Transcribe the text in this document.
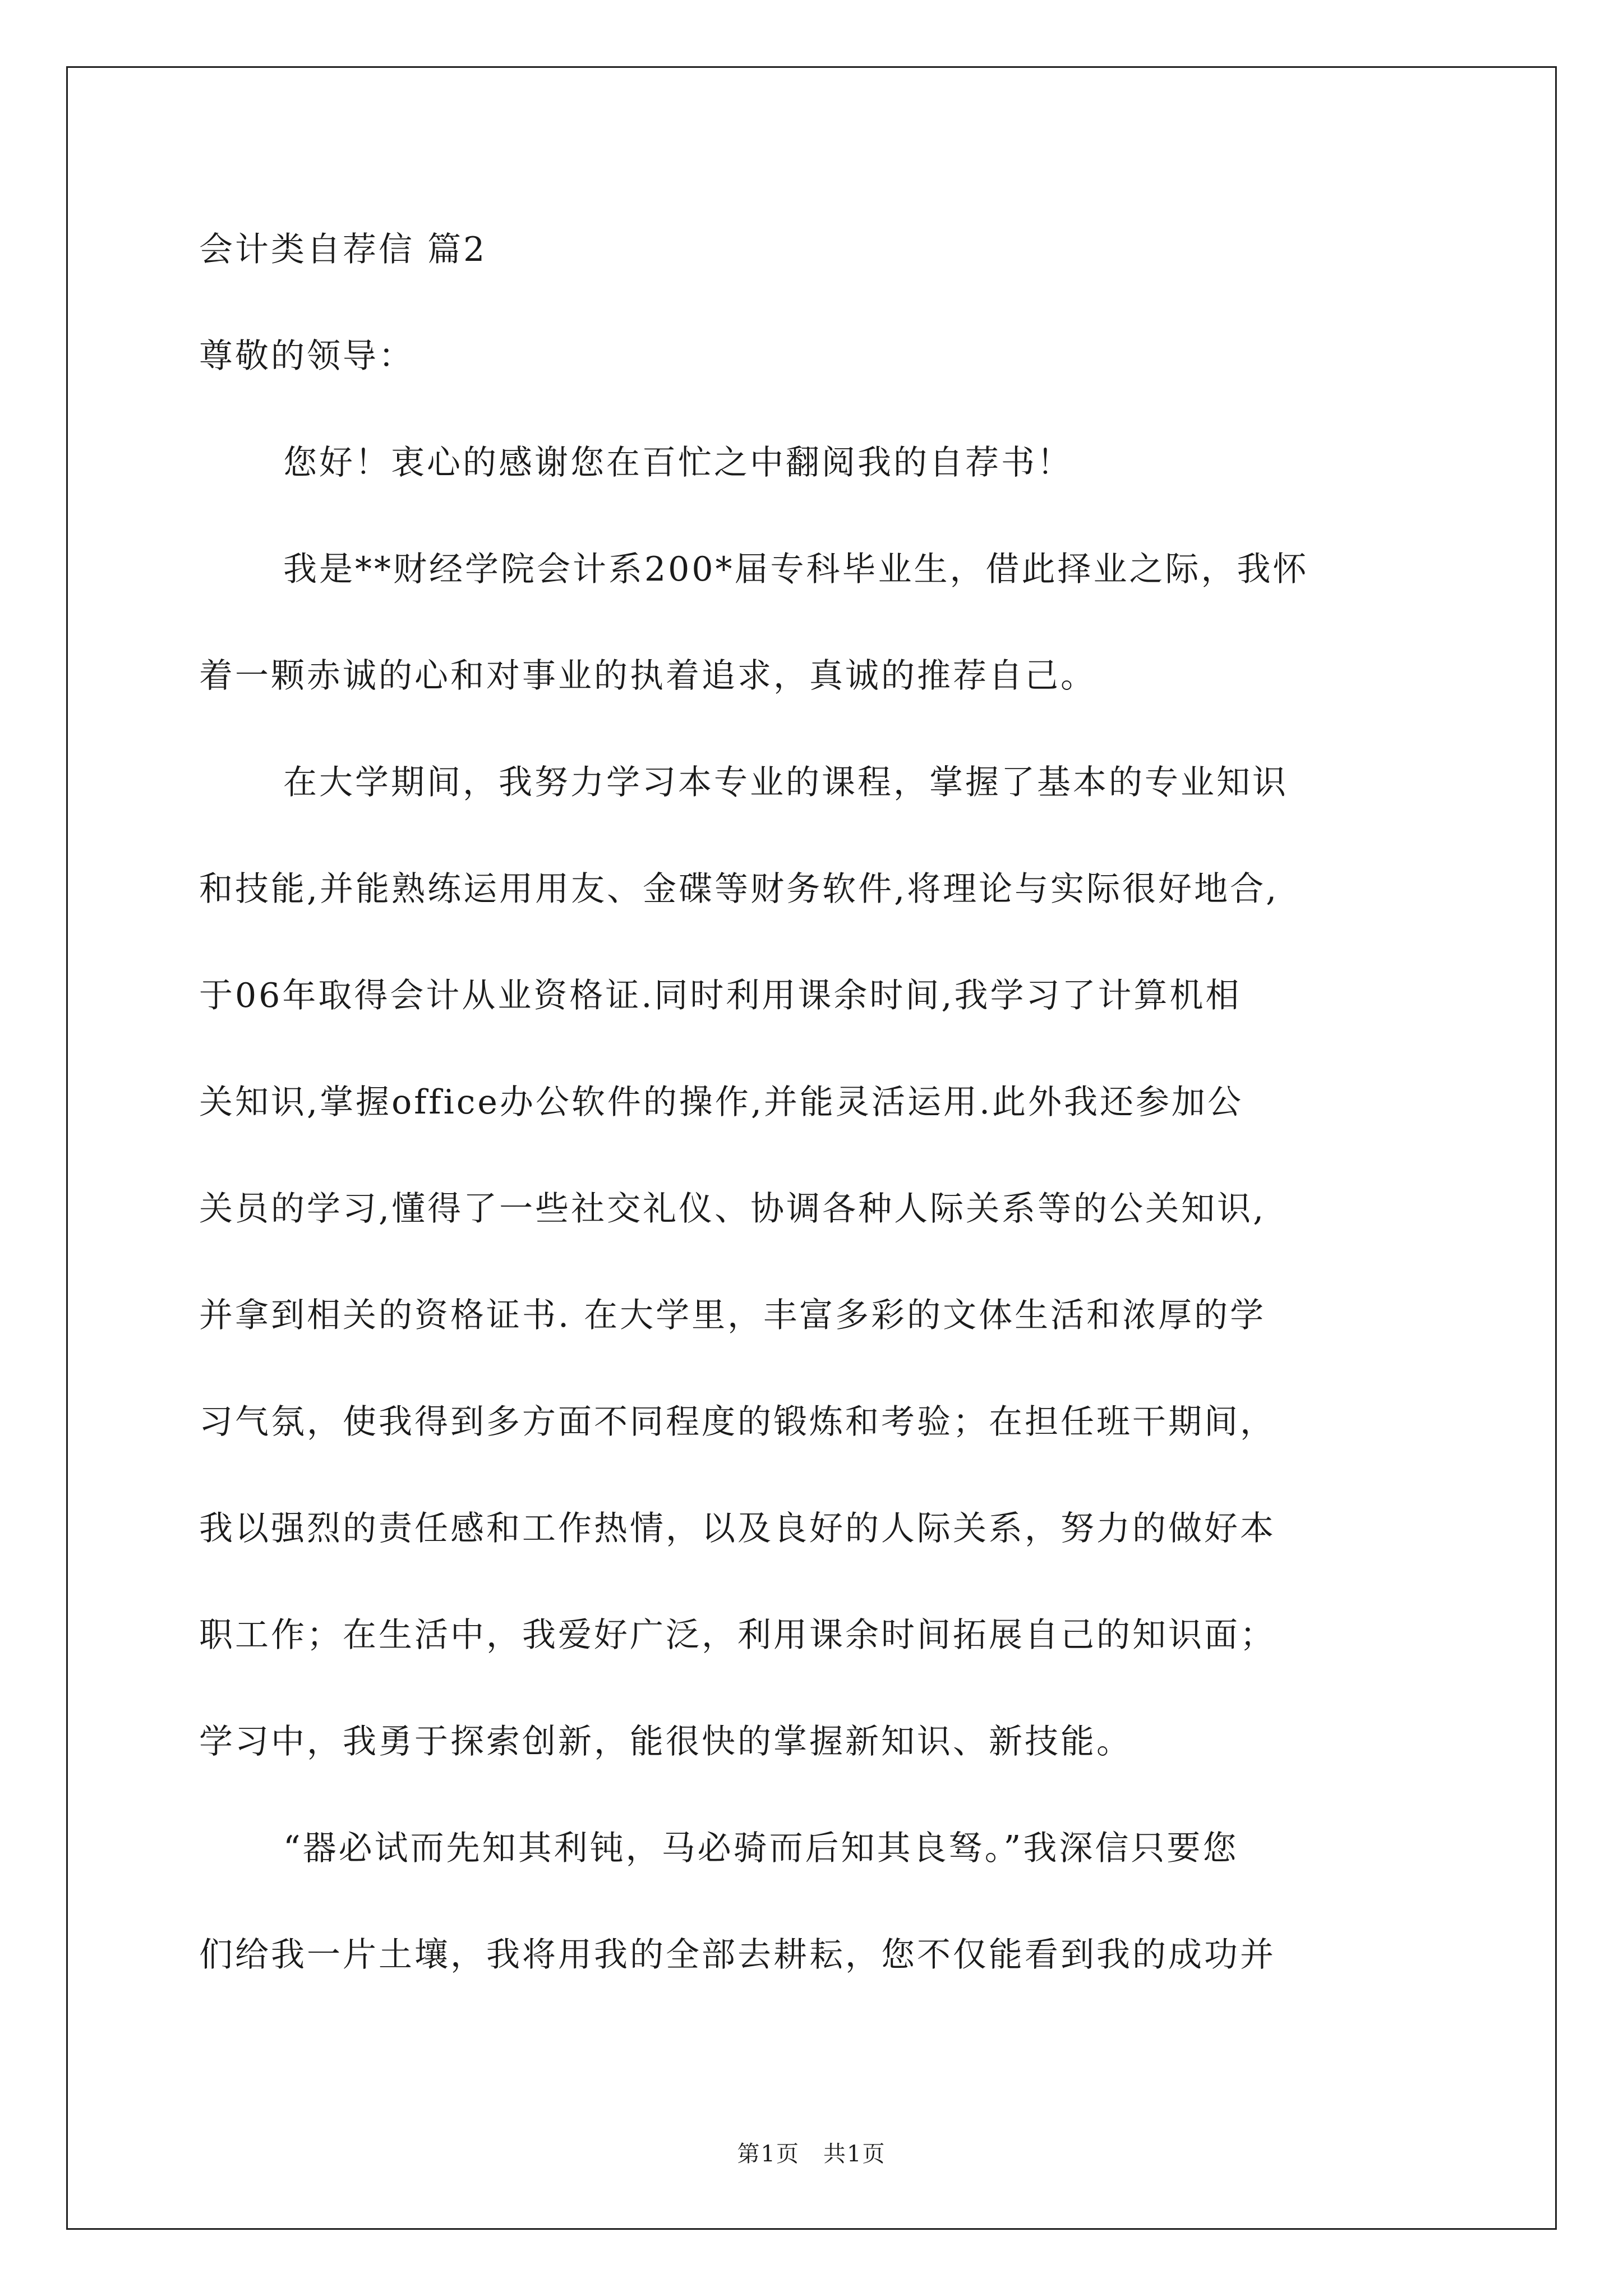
会计类自荐信 篇2
尊敬的领导：
您好！衷心的感谢您在百忙之中翻阅我的自荐书！
我是**财经学院会计系200*届专科毕业生，借此择业之际，我怀
着一颗赤诚的心和对事业的执着追求，真诚的推荐自己。
在大学期间，我努力学习本专业的课程，掌握了基本的专业知识
和技能,并能熟练运用用友、金碟等财务软件,将理论与实际很好地合,
于06年取得会计从业资格证.同时利用课余时间,我学习了计算机相
关知识,掌握office办公软件的操作,并能灵活运用.此外我还参加公
关员的学习,懂得了一些社交礼仪、协调各种人际关系等的公关知识,
并拿到相关的资格证书. 在大学里，丰富多彩的文体生活和浓厚的学
习气氛，使我得到多方面不同程度的锻炼和考验；在担任班干期间，
我以强烈的责任感和工作热情，以及良好的人际关系，努力的做好本
职工作；在生活中，我爱好广泛，利用课余时间拓展自己的知识面；
学习中，我勇于探索创新，能很快的掌握新知识、新技能。
“器必试而先知其利钝，马必骑而后知其良驽。”我深信只要您
们给我一片土壤，我将用我的全部去耕耘，您不仅能看到我的成功并
第1页　共1页
